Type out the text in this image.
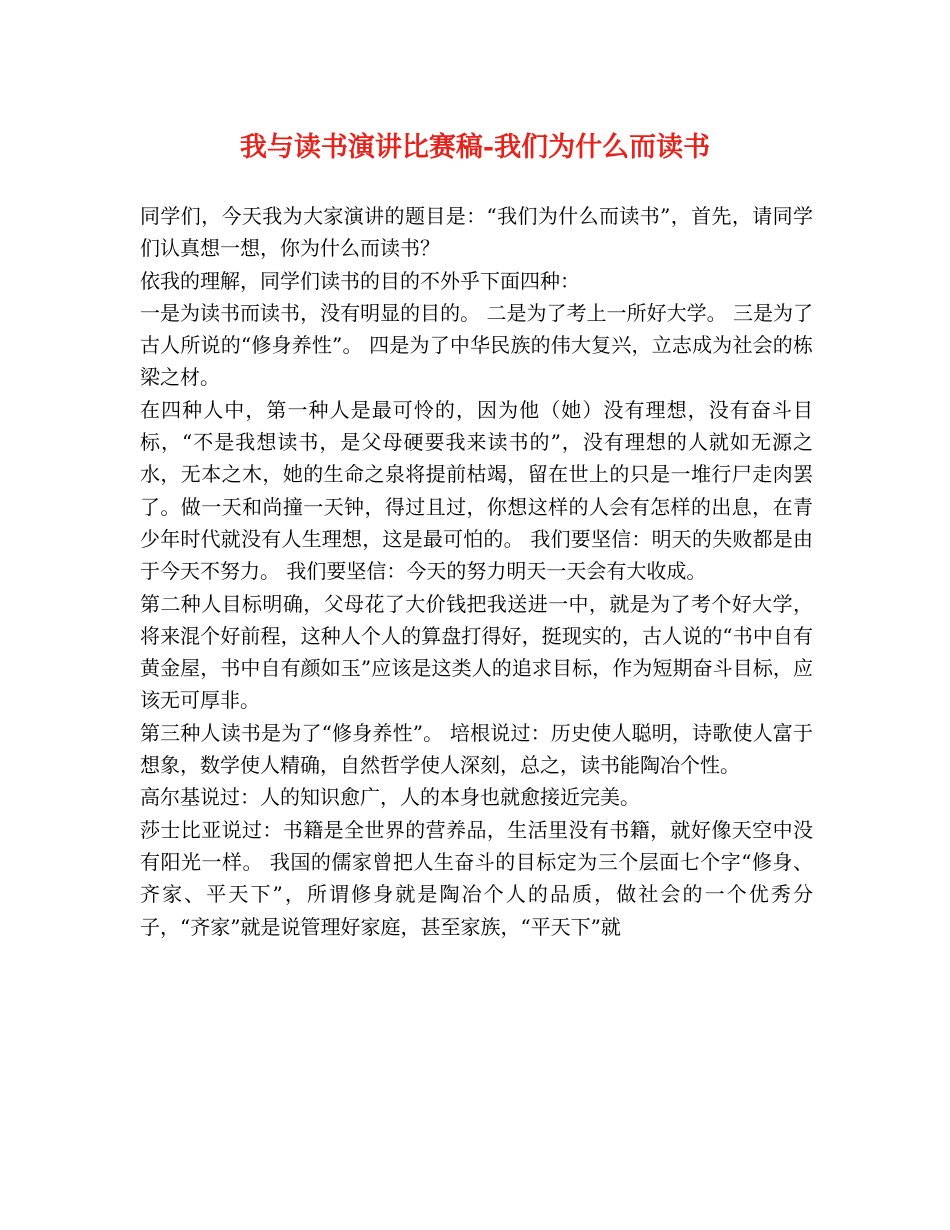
我与读书演讲比赛稿-我们为什么而读书

同学们，今天我为大家演讲的题目是：“我们为什么而读书”，首先，请同学们认真想一想，你为什么而读书？

依我的理解，同学们读书的目的不外乎下面四种：

一是为读书而读书，没有明显的目的。 二是为了考上一所好大学。 三是为了古人所说的“修身养性”。 四是为了中华民族的伟大复兴，立志成为社会的栋梁之材。

在四种人中，第一种人是最可怜的，因为他（她）没有理想，没有奋斗目标，“不是我想读书，是父母硬要我来读书的”，没有理想的人就如无源之水，无本之木，她的生命之泉将提前枯竭，留在世上的只是一堆行尸走肉罢了。做一天和尚撞一天钟，得过且过，你想这样的人会有怎样的出息，在青少年时代就没有人生理想，这是最可怕的。 我们要坚信：明天的失败都是由于今天不努力。 我们要坚信：今天的努力明天一天会有大收成。

第二种人目标明确，父母花了大价钱把我送进一中，就是为了考个好大学，将来混个好前程，这种人个人的算盘打得好，挺现实的，古人说的“书中自有黄金屋，书中自有颜如玉”应该是这类人的追求目标，作为短期奋斗目标，应该无可厚非。

第三种人读书是为了“修身养性”。 培根说过：历史使人聪明，诗歌使人富于想象，数学使人精确，自然哲学使人深刻，总之，读书能陶冶个性。

高尔基说过：人的知识愈广，人的本身也就愈接近完美。

莎士比亚说过：书籍是全世界的营养品，生活里没有书籍，就好像天空中没有阳光一样。 我国的儒家曾把人生奋斗的目标定为三个层面七个字“修身、齐家、平天下”，所谓修身就是陶冶个人的品质，做社会的一个优秀分子，“齐家”就是说管理好家庭，甚至家族，“平天下”就
